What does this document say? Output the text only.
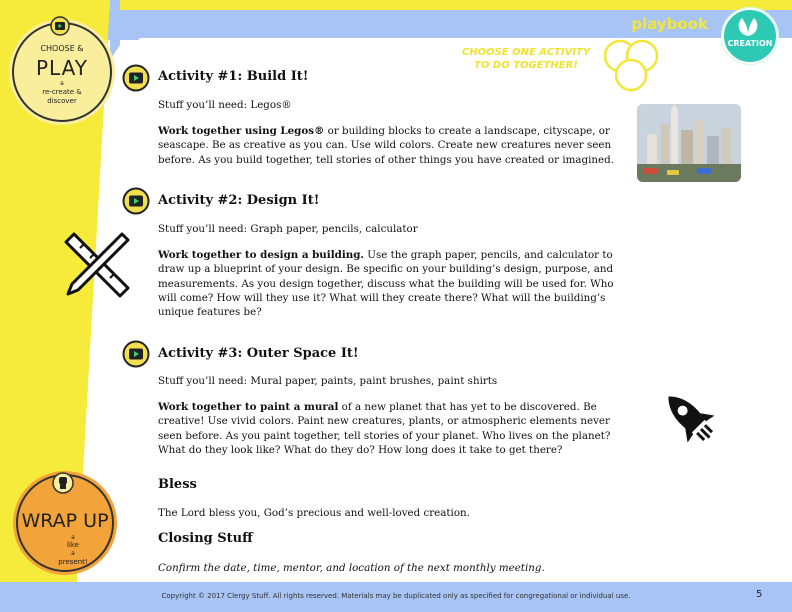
playbook
CREATION
CHOOSE ONE ACTIVITY
TO DO TOGETHER!
CHOOSE &
PLAY
a
re-create &
discover
WRAP UP
a
like
a
present!
Activity #1: Build It!
Stuff you’ll need: Legos®
Work together using Legos® or building blocks to create a landscape, cityscape, or seascape. Be as creative as you can. Use wild colors. Create new creatures never seen before. As you build together, tell stories of other things you have created or imagined.
Activity #2: Design It!
Stuff you’ll need: Graph paper, pencils, calculator
Work together to design a building. Use the graph paper, pencils, and calculator to draw up a blueprint of your design. Be specific on your building’s design, purpose, and measurements. As you design together, discuss what the building will be used for. Who will come? How will they use it? What will they create there? What will the building’s unique features be?
Activity #3: Outer Space It!
Stuff you’ll need: Mural paper, paints, paint brushes, paint shirts
Work together to paint a mural of a new planet that has yet to be discovered. Be creative! Use vivid colors. Paint new creatures, plants, or atmospheric elements never seen before. As you paint together, tell stories of your planet. Who lives on the planet? What do they look like? What do they do? How long does it take to get there?
Bless
The Lord bless you, God’s precious and well-loved creation.
Closing Stuff
Confirm the date, time, mentor, and location of the next monthly meeting.
Copyright © 2017 Clergy Stuff. All rights reserved. Materials may be duplicated only as specified for congregational or individual use.	5
